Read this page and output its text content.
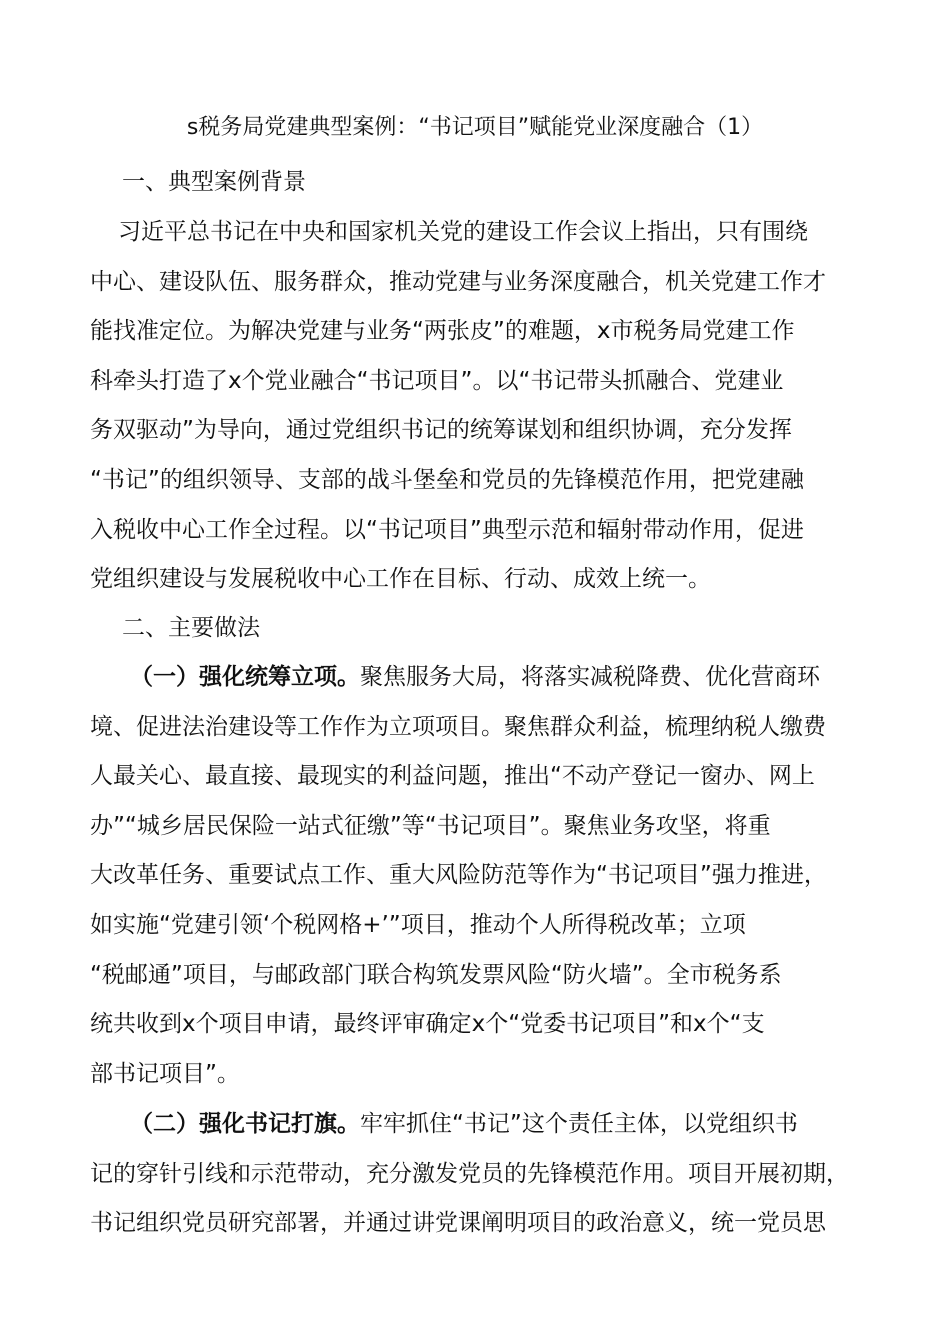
s税务局党建典型案例：“书记项目”赋能党业深度融合（1）
一、典型案例背景
习近平总书记在中央和国家机关党的建设工作会议上指出，只有围绕
中心、建设队伍、服务群众，推动党建与业务深度融合，机关党建工作才
能找准定位。为解决党建与业务“两张皮”的难题，x市税务局党建工作
科牵头打造了x个党业融合“书记项目”。以“书记带头抓融合、党建业
务双驱动”为导向，通过党组织书记的统筹谋划和组织协调，充分发挥
“书记”的组织领导、支部的战斗堡垒和党员的先锋模范作用，把党建融
入税收中心工作全过程。以“书记项目”典型示范和辐射带动作用，促进
党组织建设与发展税收中心工作在目标、行动、成效上统一。
二、主要做法
（一）强化统筹立项。聚焦服务大局，将落实减税降费、优化营商环
境、促进法治建设等工作作为立项项目。聚焦群众利益，梳理纳税人缴费
人最关心、最直接、最现实的利益问题，推出“不动产登记一窗办、网上
办”“城乡居民保险一站式征缴”等“书记项目”。聚焦业务攻坚，将重
大改革任务、重要试点工作、重大风险防范等作为“书记项目”强力推进，
如实施“党建引领‘个税网格+’”项目，推动个人所得税改革；立项
“税邮通”项目，与邮政部门联合构筑发票风险“防火墙”。全市税务系
统共收到x个项目申请，最终评审确定x个“党委书记项目”和x个“支
部书记项目”。
（二）强化书记打旗。牢牢抓住“书记”这个责任主体，以党组织书
记的穿针引线和示范带动，充分激发党员的先锋模范作用。项目开展初期，
书记组织党员研究部署，并通过讲党课阐明项目的政治意义，统一党员思
